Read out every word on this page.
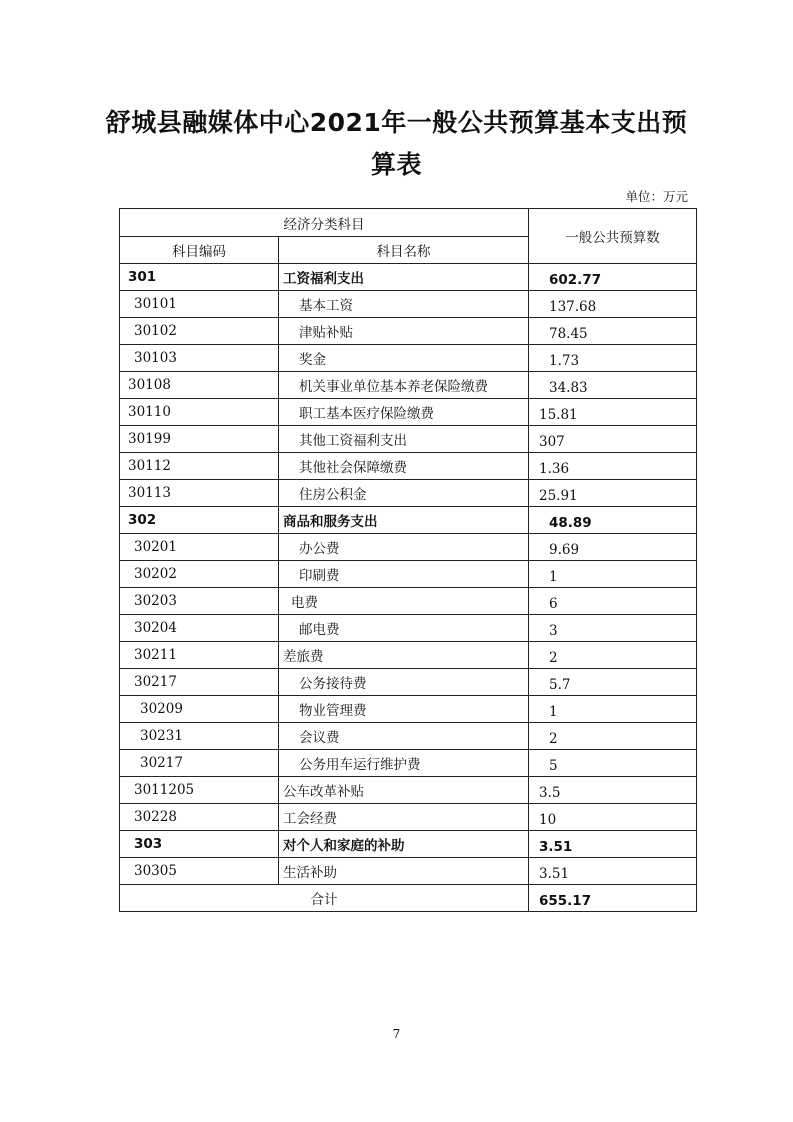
舒城县融媒体中心2021年一般公共预算基本支出预
算表
单位：万元
经济分类科目		一般公共预算数
科目编码	科目名称	
301	工资福利支出	602.77
30101	基本工资	137.68
30102	津贴补贴	78.45
30103	奖金	1.73
30108	机关事业单位基本养老保险缴费	34.83
30110	职工基本医疗保险缴费	15.81
30199	其他工资福利支出	307
30112	其他社会保障缴费	1.36
30113	住房公积金	25.91
302	商品和服务支出	48.89
30201	办公费	9.69
30202	印刷费	1
30203	电费	6
30204	邮电费	3
30211	差旅费	2
30217	公务接待费	5.7
30209	物业管理费	1
30231	会议费	2
30217	公务用车运行维护费	5
3011205	公车改革补贴	3.5
30228	工会经费	10
303	对个人和家庭的补助	3.51
30305	生活补助	3.51
合计		655.17
7
